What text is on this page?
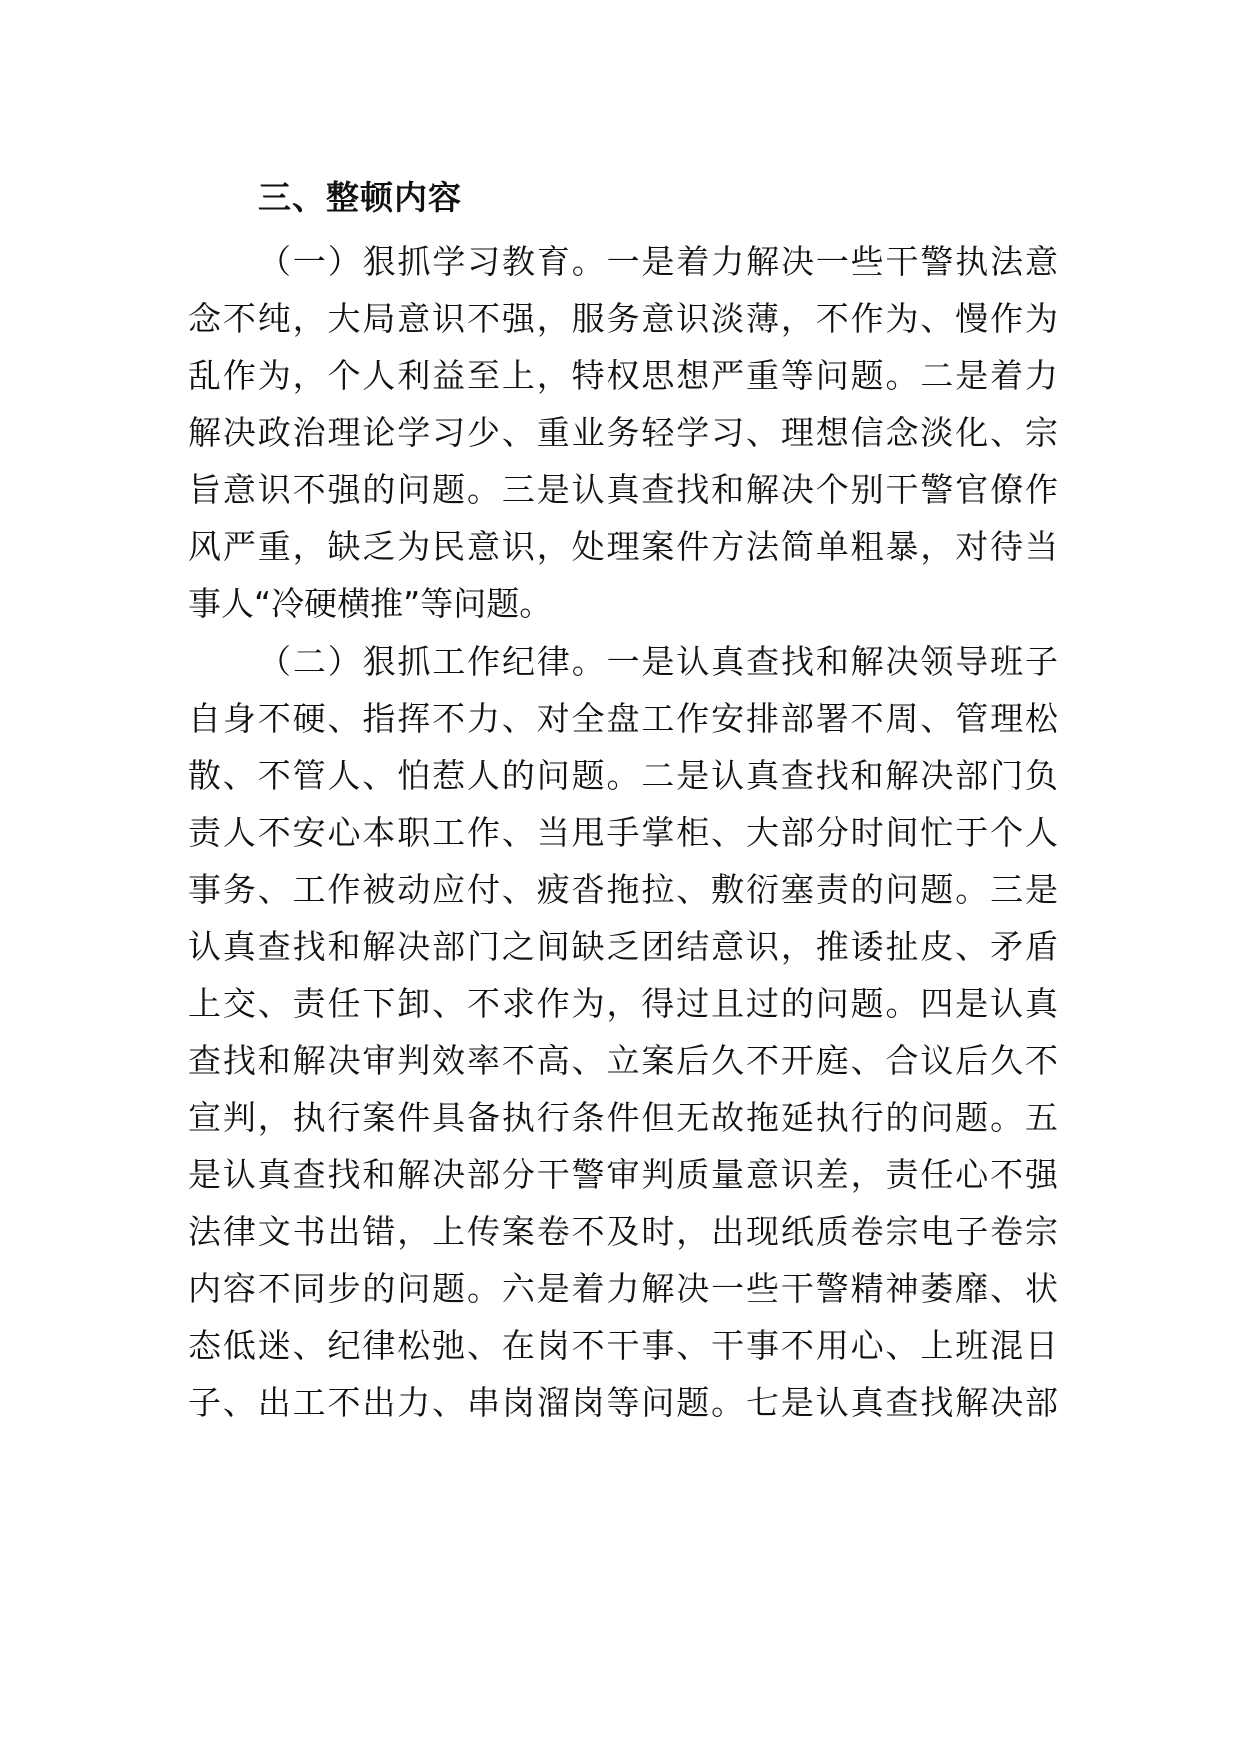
三、整顿内容
（一）狠抓学习教育。一是着力解决一些干警执法意
念不纯，大局意识不强，服务意识淡薄，不作为、慢作为
乱作为，个人利益至上，特权思想严重等问题。二是着力
解决政治理论学习少、重业务轻学习、理想信念淡化、宗
旨意识不强的问题。三是认真查找和解决个别干警官僚作
风严重，缺乏为民意识，处理案件方法简单粗暴，对待当
事人“冷硬横推”等问题。
（二）狠抓工作纪律。一是认真查找和解决领导班子
自身不硬、指挥不力、对全盘工作安排部署不周、管理松
散、不管人、怕惹人的问题。二是认真查找和解决部门负
责人不安心本职工作、当甩手掌柜、大部分时间忙于个人
事务、工作被动应付、疲沓拖拉、敷衍塞责的问题。三是
认真查找和解决部门之间缺乏团结意识，推诿扯皮、矛盾
上交、责任下卸、不求作为，得过且过的问题。四是认真
查找和解决审判效率不高、立案后久不开庭、合议后久不
宣判，执行案件具备执行条件但无故拖延执行的问题。五
是认真查找和解决部分干警审判质量意识差，责任心不强
法律文书出错，上传案卷不及时，出现纸质卷宗电子卷宗
内容不同步的问题。六是着力解决一些干警精神萎靡、状
态低迷、纪律松弛、在岗不干事、干事不用心、上班混日
子、出工不出力、串岗溜岗等问题。七是认真查找解决部
